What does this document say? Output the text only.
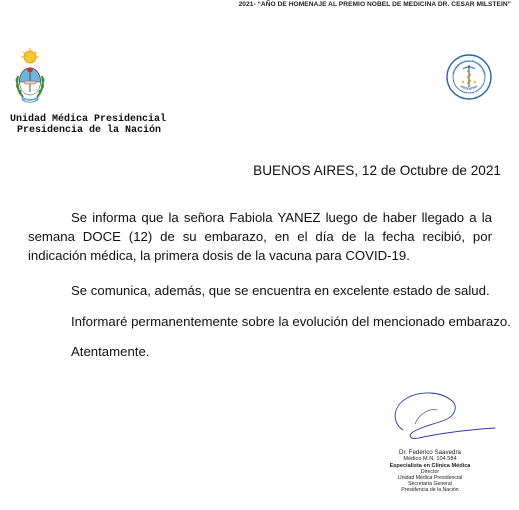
2021- “AÑO DE HOMENAJE AL PREMIO NOBEL DE MEDICINA DR. CESAR MILSTEIN”
Unidad Médica Presidencial
Presidencia de la Nación
Unidad Médica Presidencial
ARGENTINA
BUENOS AIRES, 12 de Octubre de 2021
Se informa que la señora Fabiola YANEZ luego de haber llegado a la semana DOCE (12) de su embarazo, en el día de la fecha recibió, por indicación médica, la primera dosis de la vacuna para COVID-19.
Se comunica, además, que se encuentra en excelente estado de salud.
Informaré permanentemente sobre la evolución del mencionado embarazo.
Atentamente.
Dr. Federico Saavedra
Médico M.N. 104.584
Especialista en Clínica Médica
Director
Unidad Médica Presidencial
Secretaría General
Presidencia de la Nación
